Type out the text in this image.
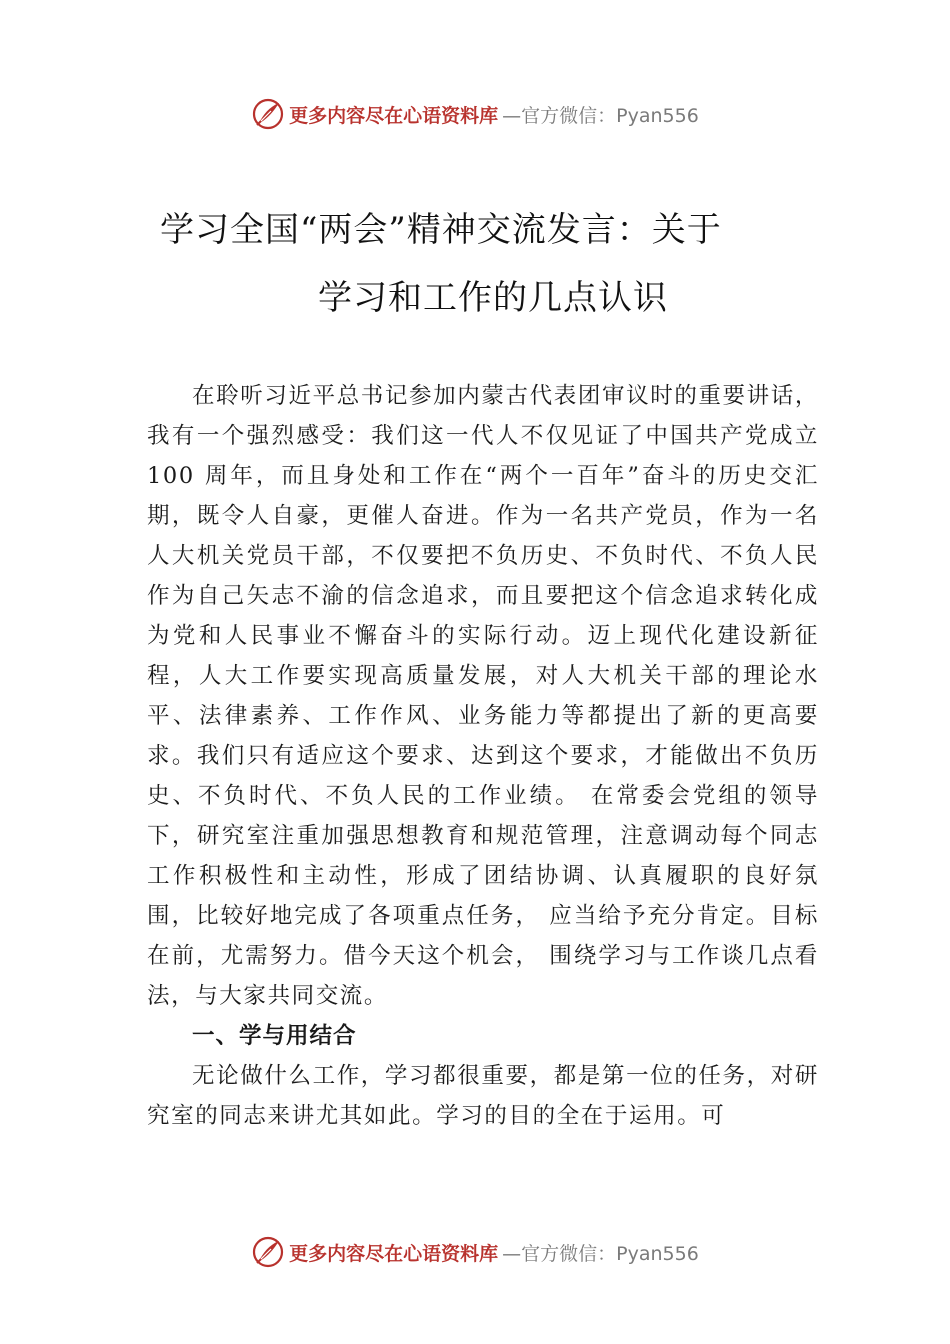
更多内容尽在心语资料库 —官方微信：Pyan556
学习全国“两会”精神交流发言：关于
学习和工作的几点认识

在聆听习近平总书记参加内蒙古代表团审议时的重要讲话，我有一个强烈感受：我们这一代人不仅见证了中国共产党成立 100 周年，而且身处和工作在“两个一百年”奋斗的历史交汇期，既令人自豪，更催人奋进。作为一名共产党员，作为一名人大机关党员干部，不仅要把不负历史、不负时代、不负人民作为自己矢志不渝的信念追求，而且要把这个信念追求转化成为党和人民事业不懈奋斗的实际行动。迈上现代化建设新征程，人大工作要实现高质量发展，对人大机关干部的理论水平、法律素养、工作作风、业务能力等都提出了新的更高要求。我们只有适应这个要求、达到这个要求，才能做出不负历史、不负时代、不负人民的工作业绩。 在常委会党组的领导下，研究室注重加强思想教育和规范管理，注意调动每个同志工作积极性和主动性，形成了团结协调、认真履职的良好氛围，比较好地完成了各项重点任务， 应当给予充分肯定。目标在前，尤需努力。借今天这个机会， 围绕学习与工作谈几点看法，与大家共同交流。

一、学与用结合

无论做什么工作，学习都很重要，都是第一位的任务，对研究室的同志来讲尤其如此。学习的目的全在于运用。可

更多内容尽在心语资料库 —官方微信：Pyan556
